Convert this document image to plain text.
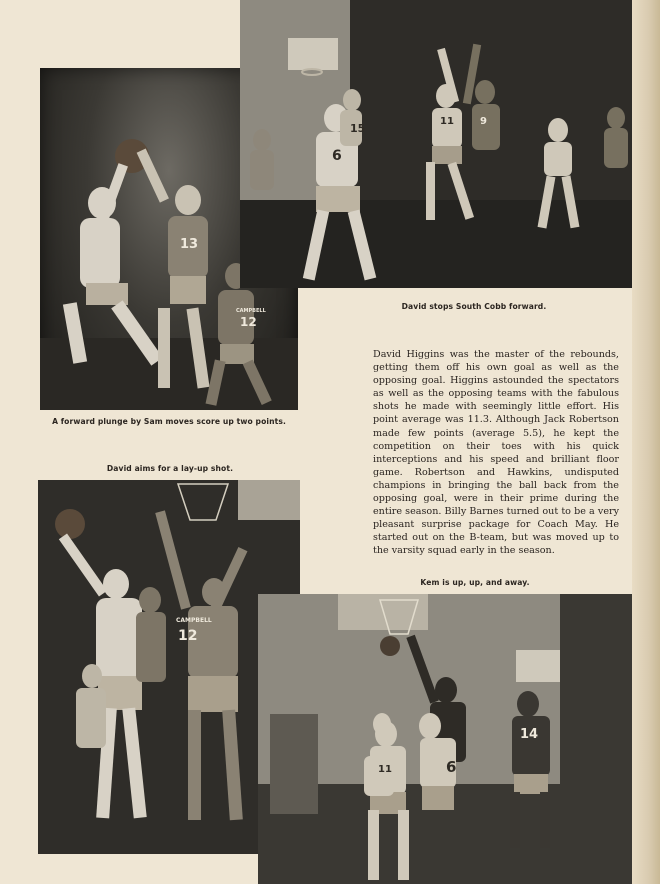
13
12
CAMPBELL
A forward plunge by Sam moves score up two points.
15
6
11	9
David stops South Cobb forward.

David Higgins was the master of the rebounds, getting them off his own goal as well as the opposing goal. Higgins astounded the spectators as well as the opposing teams with the fabulous shots he made with seemingly little effort. His point average was 11.3. Although Jack Robertson made few points (average 5.5), he kept the competition on their toes with his quick interceptions and his speed and brilliant floor game. Robertson and Hawkins, undisputed champions in bringing the ball back from the opposing goal, were in their prime during the entire season. Billy Barnes turned out to be a very pleasant surprise package for Coach May. He started out on the B-team, but was moved up to the varsity squad early in the season.

David aims for a lay-up shot.
12
CAMPBELL
Kem is up, up, and away.
14
6
11
